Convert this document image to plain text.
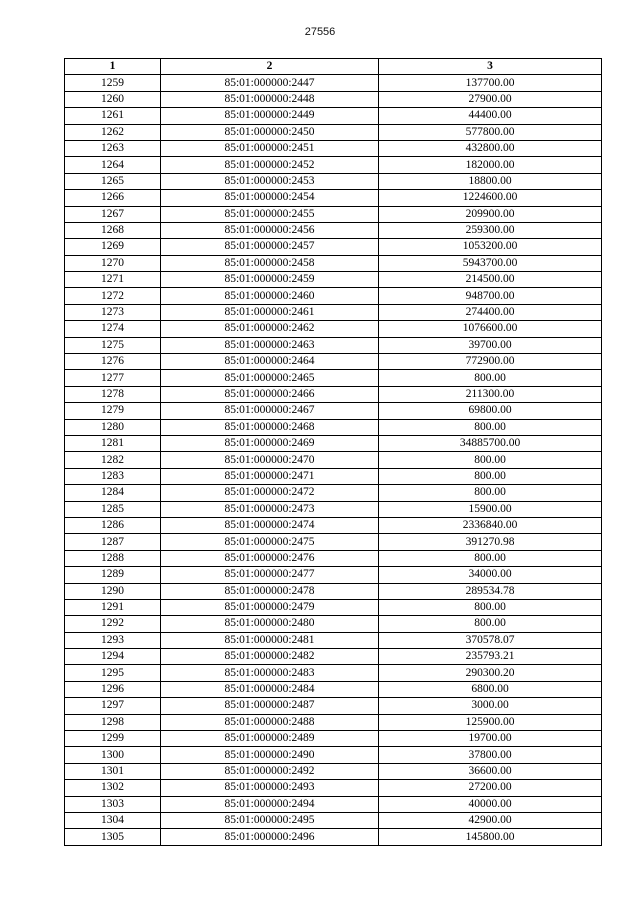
27556
1	2	3
1259	85:01:000000:2447	137700.00
1260	85:01:000000:2448	27900.00
1261	85:01:000000:2449	44400.00
1262	85:01:000000:2450	577800.00
1263	85:01:000000:2451	432800.00
1264	85:01:000000:2452	182000.00
1265	85:01:000000:2453	18800.00
1266	85:01:000000:2454	1224600.00
1267	85:01:000000:2455	209900.00
1268	85:01:000000:2456	259300.00
1269	85:01:000000:2457	1053200.00
1270	85:01:000000:2458	5943700.00
1271	85:01:000000:2459	214500.00
1272	85:01:000000:2460	948700.00
1273	85:01:000000:2461	274400.00
1274	85:01:000000:2462	1076600.00
1275	85:01:000000:2463	39700.00
1276	85:01:000000:2464	772900.00
1277	85:01:000000:2465	800.00
1278	85:01:000000:2466	211300.00
1279	85:01:000000:2467	69800.00
1280	85:01:000000:2468	800.00
1281	85:01:000000:2469	34885700.00
1282	85:01:000000:2470	800.00
1283	85:01:000000:2471	800.00
1284	85:01:000000:2472	800.00
1285	85:01:000000:2473	15900.00
1286	85:01:000000:2474	2336840.00
1287	85:01:000000:2475	391270.98
1288	85:01:000000:2476	800.00
1289	85:01:000000:2477	34000.00
1290	85:01:000000:2478	289534.78
1291	85:01:000000:2479	800.00
1292	85:01:000000:2480	800.00
1293	85:01:000000:2481	370578.07
1294	85:01:000000:2482	235793.21
1295	85:01:000000:2483	290300.20
1296	85:01:000000:2484	6800.00
1297	85:01:000000:2487	3000.00
1298	85:01:000000:2488	125900.00
1299	85:01:000000:2489	19700.00
1300	85:01:000000:2490	37800.00
1301	85:01:000000:2492	36600.00
1302	85:01:000000:2493	27200.00
1303	85:01:000000:2494	40000.00
1304	85:01:000000:2495	42900.00
1305	85:01:000000:2496	145800.00
